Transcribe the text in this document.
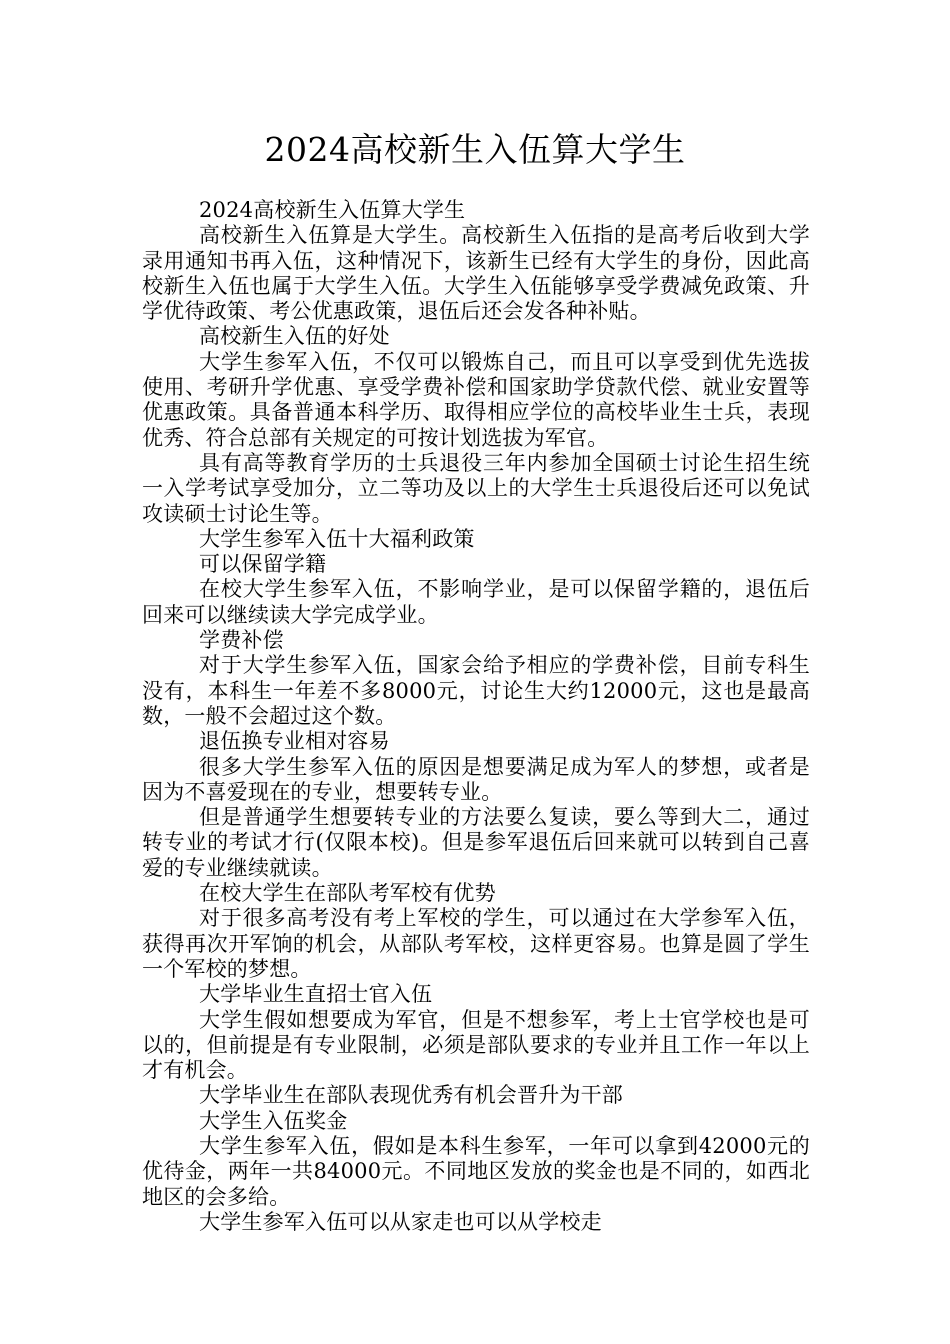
2024高校新生入伍算大学生

2024高校新生入伍算大学生

高校新生入伍算是大学生。高校新生入伍指的是高考后收到大学录用通知书再入伍，这种情况下，该新生已经有大学生的身份，因此高校新生入伍也属于大学生入伍。大学生入伍能够享受学费减免政策、升学优待政策、考公优惠政策，退伍后还会发各种补贴。

高校新生入伍的好处

大学生参军入伍，不仅可以锻炼自己，而且可以享受到优先选拔使用、考研升学优惠、享受学费补偿和国家助学贷款代偿、就业安置等优惠政策。具备普通本科学历、取得相应学位的高校毕业生士兵，表现优秀、符合总部有关规定的可按计划选拔为军官。

具有高等教育学历的士兵退役三年内参加全国硕士讨论生招生统一入学考试享受加分，立二等功及以上的大学生士兵退役后还可以免试攻读硕士讨论生等。

大学生参军入伍十大福利政策

可以保留学籍

在校大学生参军入伍，不影响学业，是可以保留学籍的，退伍后回来可以继续读大学完成学业。

学费补偿

对于大学生参军入伍，国家会给予相应的学费补偿，目前专科生没有，本科生一年差不多8000元，讨论生大约12000元，这也是最高数，一般不会超过这个数。

退伍换专业相对容易

很多大学生参军入伍的原因是想要满足成为军人的梦想，或者是因为不喜爱现在的专业，想要转专业。

但是普通学生想要转专业的方法要么复读，要么等到大二，通过转专业的考试才行(仅限本校)。但是参军退伍后回来就可以转到自己喜爱的专业继续就读。

在校大学生在部队考军校有优势

对于很多高考没有考上军校的学生，可以通过在大学参军入伍，获得再次开军饷的机会，从部队考军校，这样更容易。也算是圆了学生一个军校的梦想。

大学毕业生直招士官入伍

大学生假如想要成为军官，但是不想参军，考上士官学校也是可以的，但前提是有专业限制，必须是部队要求的专业并且工作一年以上才有机会。

大学毕业生在部队表现优秀有机会晋升为干部

大学生入伍奖金

大学生参军入伍，假如是本科生参军，一年可以拿到42000元的优待金，两年一共84000元。不同地区发放的奖金也是不同的，如西北地区的会多给。

大学生参军入伍可以从家走也可以从学校走
